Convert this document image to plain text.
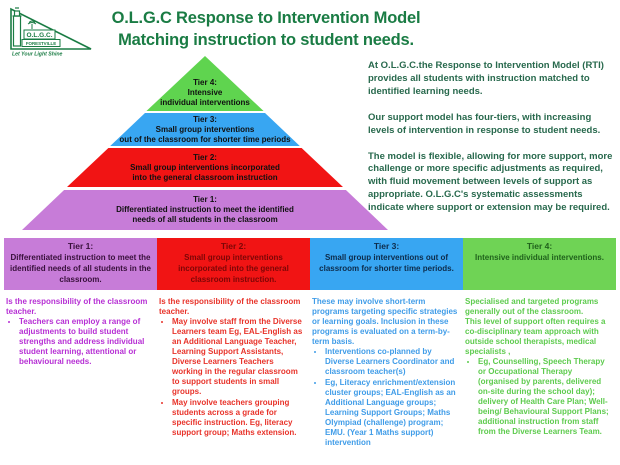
O.L.G.C.
FORESTVILLE
Let Your Light Shine
O.L.G.C Response to Intervention Model
Matching instruction to student needs.
Tier 4:
Intensive
individual interventions
Tier 3:
Small group interventions
out of the classroom for shorter time periods
Tier 2:
Small group interventions incorporated
into the general classroom instruction
Tier 1:
Differentiated instruction to meet the identified
needs of all students in the classroom

At O.L.G.C.the Response to Intervention Model (RTI) provides all students with instruction matched to identified learning needs.

Our support model has four-tiers, with increasing levels of intervention in response to student needs.

The model is flexible, allowing for more support, more challenge or more specific adjustments as required, with fluid movement between levels of support as appropriate. O.L.G.C's systematic assessments indicate where support or extension may be required.

Tier 1:
Differentiated instruction to meet the identified needs of all students in the classroom.

Is the responsibility of the classroom teacher.

• Teachers can employ a range of adjustments to build student strengths and address individual student learning, attentional or behavioural needs.
Tier 2:
Small group interventions incorporated into the general classroom instruction.

Is the responsibility of the classroom teacher.

• May involve staff from the Diverse Learners team Eg, EAL-English as an Additional Language Teacher, Learning Support Assistants, Diverse Learners Teachers working in the regular classroom to support students in small groups.
• May involve teachers grouping students across a grade for specific instruction. Eg, literacy support group; Maths extension.
Tier 3:
Small group interventions out of classroom for shorter time periods.

These may involve short-term programs targeting specific strategies or learning goals. Inclusion in these programs is evaluated on a term-by-term basis.

• Interventions co-planned by Diverse Learners Coordinator and classroom teacher(s)
• Eg, Literacy enrichment/extension cluster groups; EAL-English as an Additional Language groups; Learning Support Groups; Maths Olympiad (challenge) program; EMU. (Year 1 Maths support) intervention
Tier 4:
Intensive individual interventions.

Specialised and targeted programs generally out of the classroom.

This level of support often requires a co-disciplinary team approach with outside school therapists, medical specialists ,

• Eg, Counselling, Speech Therapy or Occupational Therapy (organised by parents, delivered on-site during the school day); delivery of Health Care Plan; Well-being/ Behavioural Support Plans; additional instruction from staff from the Diverse Learners Team.
